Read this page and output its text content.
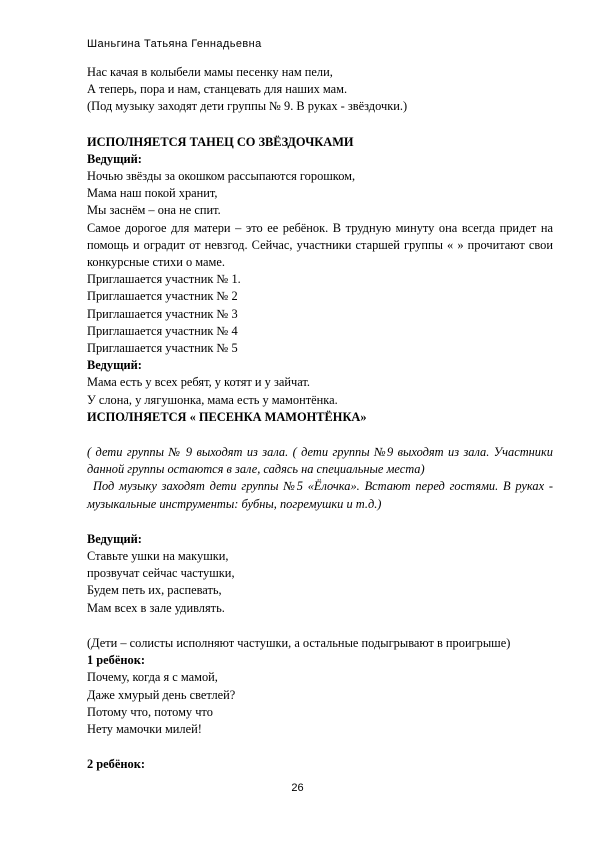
Шаньгина Татьяна Геннадьевна

Нас качая в колыбели мамы песенку нам пели,

А теперь, пора и нам, станцевать для наших мам.

(Под музыку заходят дети группы № 9. В руках - звёздочки.)

ИСПОЛНЯЕТСЯ ТАНЕЦ СО ЗВЁЗДОЧКАМИ

Ведущий:

Ночью звёзды за окошком рассыпаются горошком,

Мама наш покой хранит,

Мы заснём – она не спит.

Самое дорогое для матери – это ее ребёнок. В трудную минуту она всегда придет на помощь и оградит от невзгод. Сейчас, участники старшей группы « » прочитают свои конкурсные стихи о маме.

Приглашается участник № 1.

Приглашается участник № 2

Приглашается участник № 3

Приглашается участник № 4

Приглашается участник № 5

Ведущий:

Мама есть у всех ребят, у котят и у зайчат.

У слона, у лягушонка, мама есть у мамонтёнка.

ИСПОЛНЯЕТСЯ « ПЕСЕНКА МАМОНТЁНКА»

( дети группы № 9 выходят из зала. ( дети группы №9 выходят из зала. Участники данной группы остаются в зале, садясь на специальные места)

Под музыку заходят дети группы №5 «Ёлочка». Встают перед гостями. В руках - музыкальные инструменты: бубны, погремушки и т.д.)

Ведущий:

Ставьте ушки на макушки,

прозвучат сейчас частушки,

Будем петь их, распевать,

Мам всех в зале удивлять.

(Дети – солисты исполняют частушки, а остальные подыгрывают в проигрыше)

1 ребёнок:

Почему, когда я с мамой,

Даже хмурый день светлей?

Потому что, потому что

Нету мамочки милей!

2 ребёнок:

26
